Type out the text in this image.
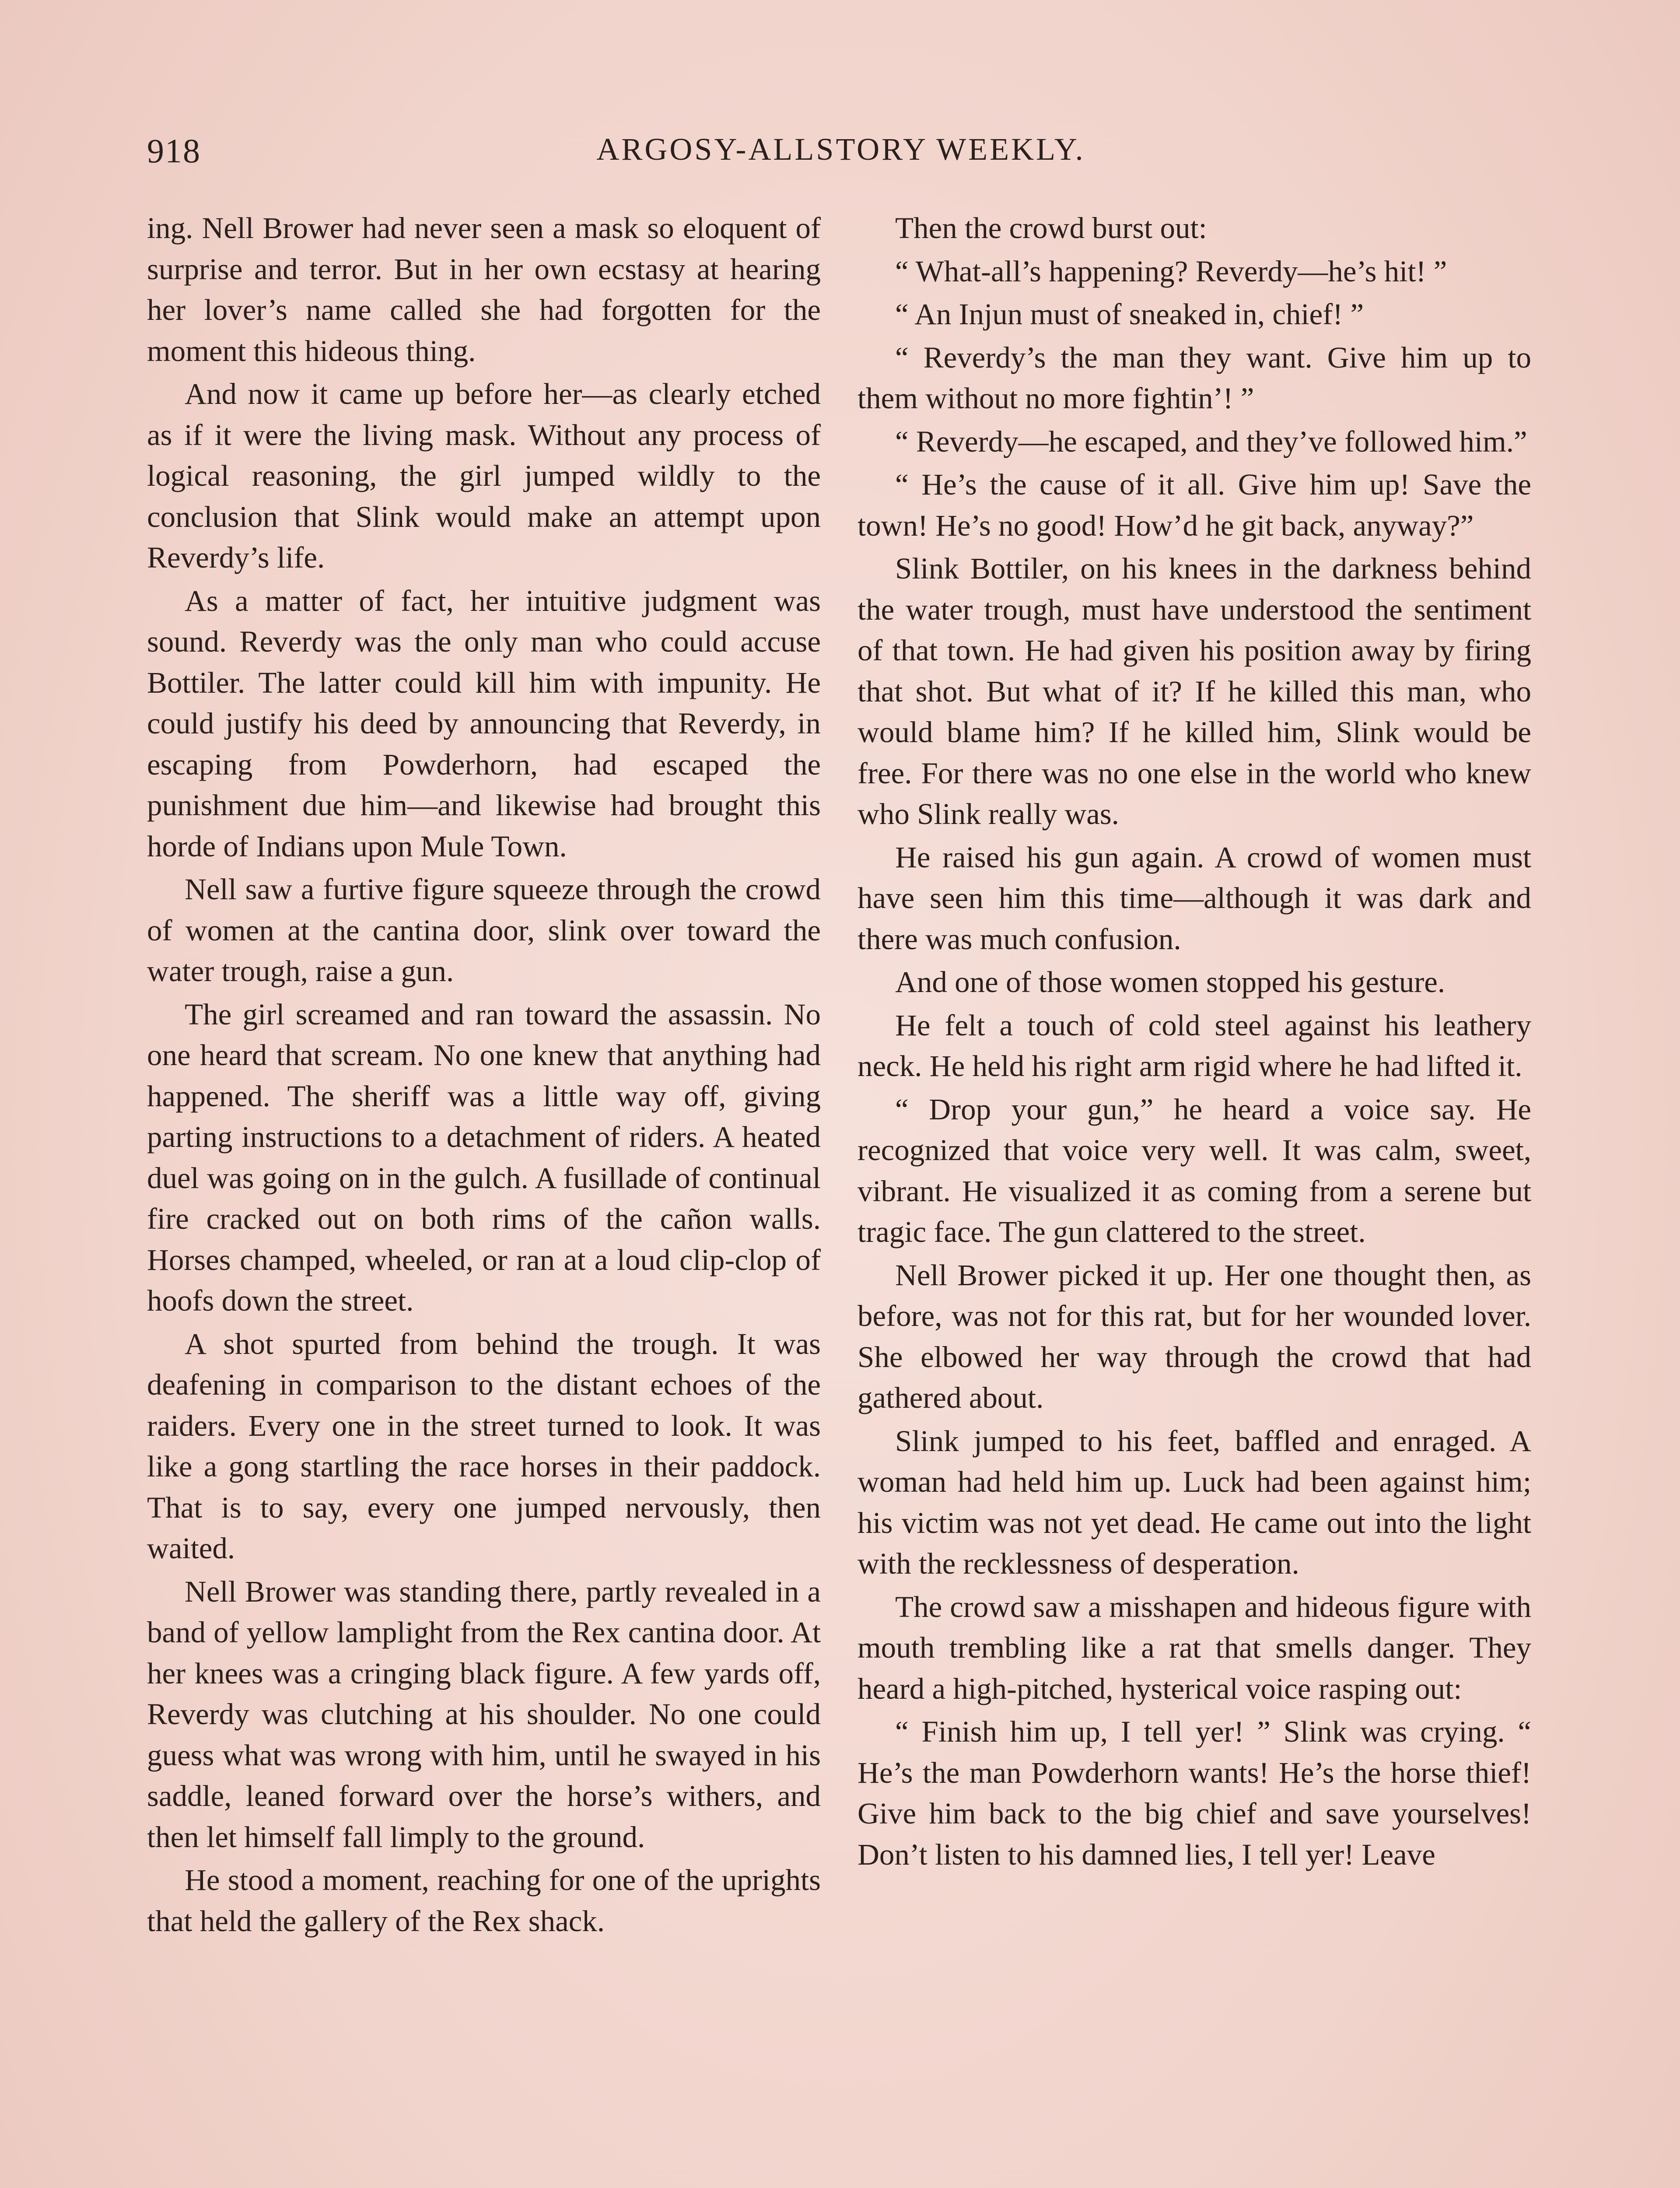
918	ARGOSY-ALLSTORY WEEKLY.

ing. Nell Brower had never seen a mask so eloquent of surprise and terror. But in her own ecstasy at hearing her lover’s name called she had forgotten for the moment this hideous thing.

And now it came up before her—as clearly etched as if it were the living mask. Without any process of logical reasoning, the girl jumped wildly to the conclusion that Slink would make an attempt upon Reverdy’s life.

As a matter of fact, her intuitive judgment was sound. Reverdy was the only man who could accuse Bottiler. The latter could kill him with impunity. He could justify his deed by announcing that Reverdy, in escaping from Powderhorn, had escaped the punishment due him—and likewise had brought this horde of Indians upon Mule Town.

Nell saw a furtive figure squeeze through the crowd of women at the cantina door, slink over toward the water trough, raise a gun.

The girl screamed and ran toward the assassin. No one heard that scream. No one knew that anything had happened. The sheriff was a little way off, giving parting instructions to a detachment of riders. A heated duel was going on in the gulch. A fusillade of continual fire cracked out on both rims of the cañon walls. Horses champed, wheeled, or ran at a loud clip-clop of hoofs down the street.

A shot spurted from behind the trough. It was deafening in comparison to the distant echoes of the raiders. Every one in the street turned to look. It was like a gong startling the race horses in their paddock. That is to say, every one jumped nervously, then waited.

Nell Brower was standing there, partly revealed in a band of yellow lamplight from the Rex cantina door. At her knees was a cringing black figure. A few yards off, Reverdy was clutching at his shoulder. No one could guess what was wrong with him, until he swayed in his saddle, leaned forward over the horse’s withers, and then let himself fall limply to the ground.

He stood a moment, reaching for one of the uprights that held the gallery of the Rex shack.

Then the crowd burst out:

“ What-all’s happening? Reverdy—he’s hit! ”

“ An Injun must of sneaked in, chief! ”

“ Reverdy’s the man they want. Give him up to them without no more fightin’! ”

“ Reverdy—he escaped, and they’ve followed him.”

“ He’s the cause of it all. Give him up! Save the town! He’s no good! How’d he git back, anyway?”

Slink Bottiler, on his knees in the darkness behind the water trough, must have understood the sentiment of that town. He had given his position away by firing that shot. But what of it? If he killed this man, who would blame him? If he killed him, Slink would be free. For there was no one else in the world who knew who Slink really was.

He raised his gun again. A crowd of women must have seen him this time—although it was dark and there was much confusion.

And one of those women stopped his gesture.

He felt a touch of cold steel against his leathery neck. He held his right arm rigid where he had lifted it.

“ Drop your gun,” he heard a voice say. He recognized that voice very well. It was calm, sweet, vibrant. He visualized it as coming from a serene but tragic face. The gun clattered to the street.

Nell Brower picked it up. Her one thought then, as before, was not for this rat, but for her wounded lover. She elbowed her way through the crowd that had gathered about.

Slink jumped to his feet, baffled and enraged. A woman had held him up. Luck had been against him; his victim was not yet dead. He came out into the light with the recklessness of desperation.

The crowd saw a misshapen and hideous figure with mouth trembling like a rat that smells danger. They heard a high-pitched, hysterical voice rasping out:

“ Finish him up, I tell yer! ” Slink was crying. “ He’s the man Powderhorn wants! He’s the horse thief! Give him back to the big chief and save yourselves! Don’t listen to his damned lies, I tell yer! Leave
